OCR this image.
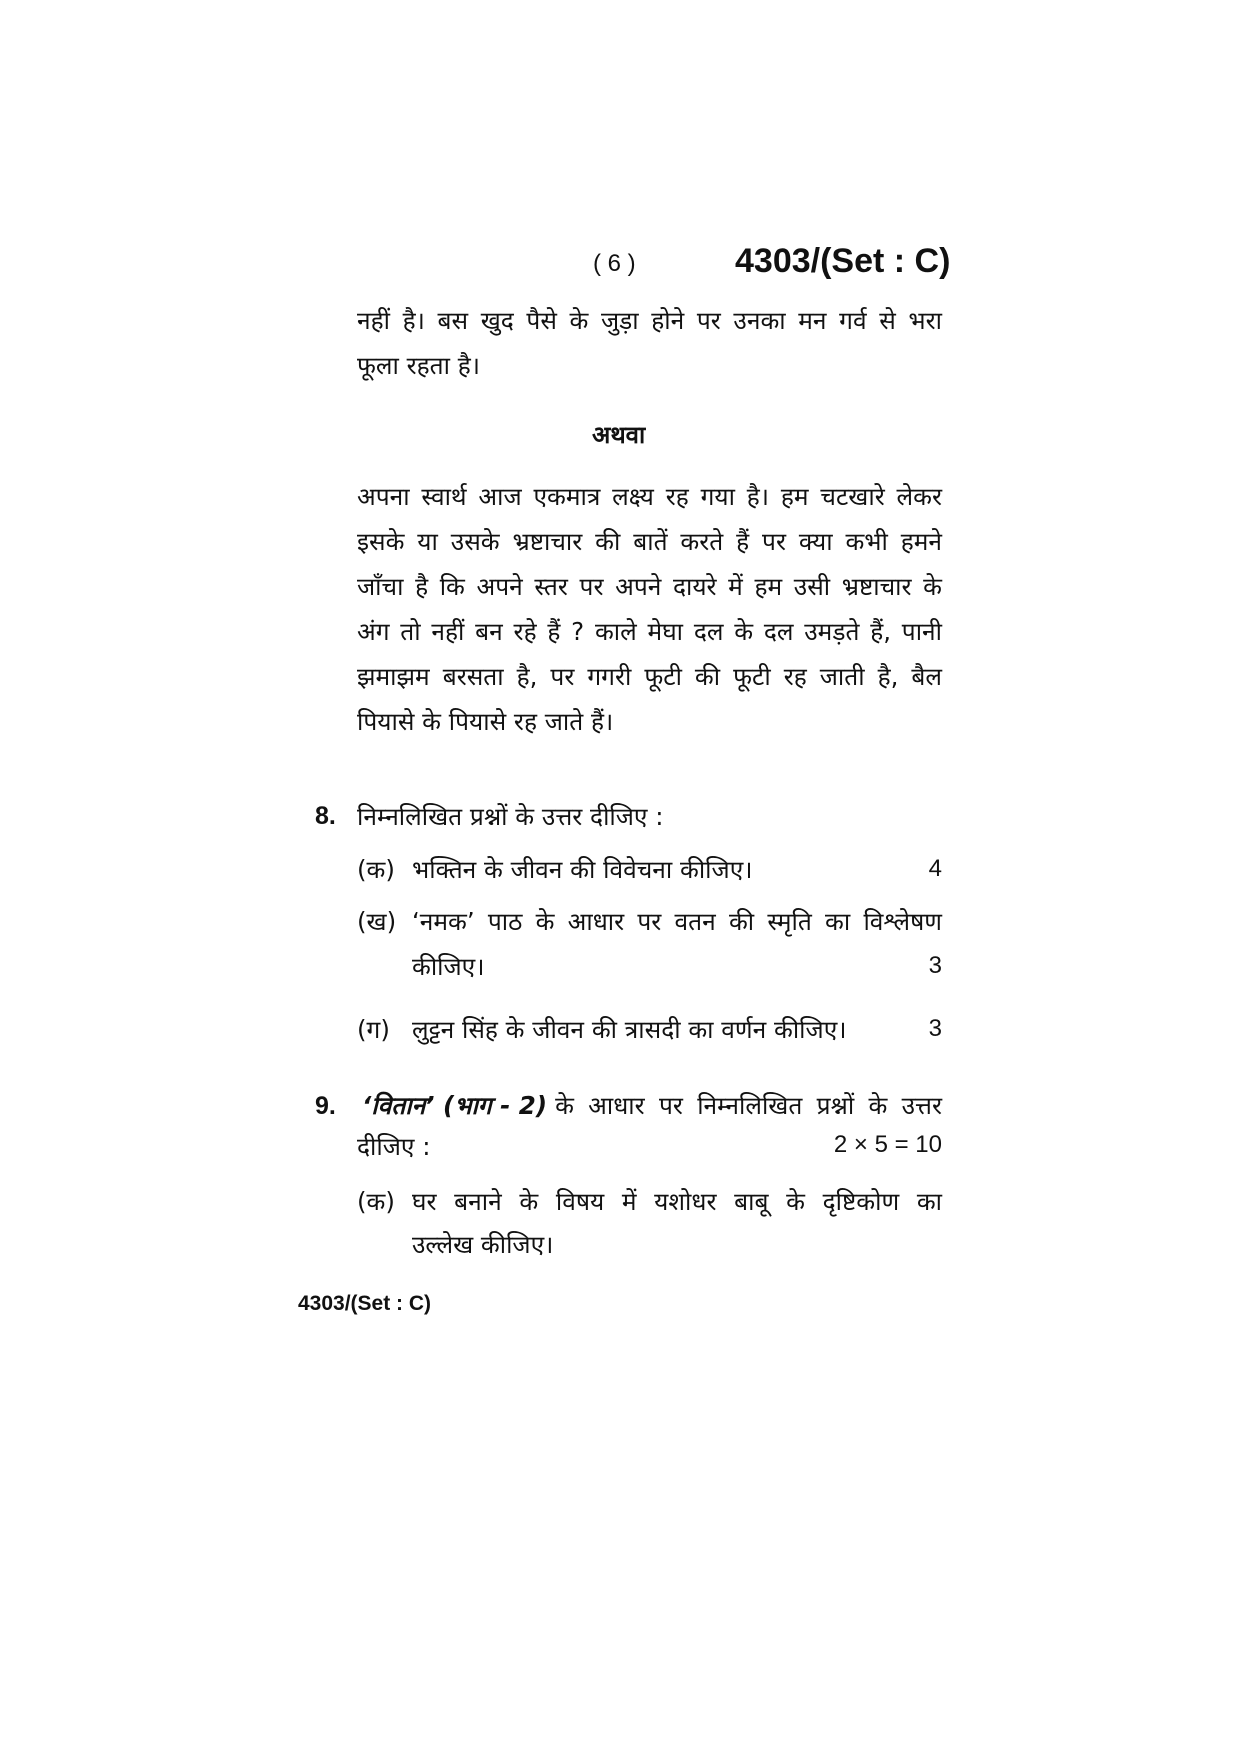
( 6 )	4303/(Set : C)
नहीं है। बस खुद पैसे के जुड़ा होने पर उनका मन गर्व से भरा
फूला रहता है।
अथवा
अपना स्वार्थ आज एकमात्र लक्ष्य रह गया है। हम चटखारे लेकर
इसके या उसके भ्रष्टाचार की बातें करते हैं पर क्या कभी हमने
जाँचा है कि अपने स्तर पर अपने दायरे में हम उसी भ्रष्टाचार के
अंग तो नहीं बन रहे हैं ? काले मेघा दल के दल उमड़ते हैं, पानी
झमाझम बरसता है, पर गगरी फूटी की फूटी रह जाती है, बैल
पियासे के पियासे रह जाते हैं।
8. निम्नलिखित प्रश्नों के उत्तर दीजिए :
(क) भक्तिन के जीवन की विवेचना कीजिए।	4
(ख) ‘नमक’ पाठ के आधार पर वतन की स्मृति का विश्लेषण
कीजिए।	3
(ग) लुट्टन सिंह के जीवन की त्रासदी का वर्णन कीजिए।	3
9. ‘वितान’ (भाग - 2) के आधार पर निम्नलिखित प्रश्नों के उत्तर
दीजिए :	2 × 5 = 10
(क) घर बनाने के विषय में यशोधर बाबू के दृष्टिकोण का
उल्लेख कीजिए।
4303/(Set : C)
